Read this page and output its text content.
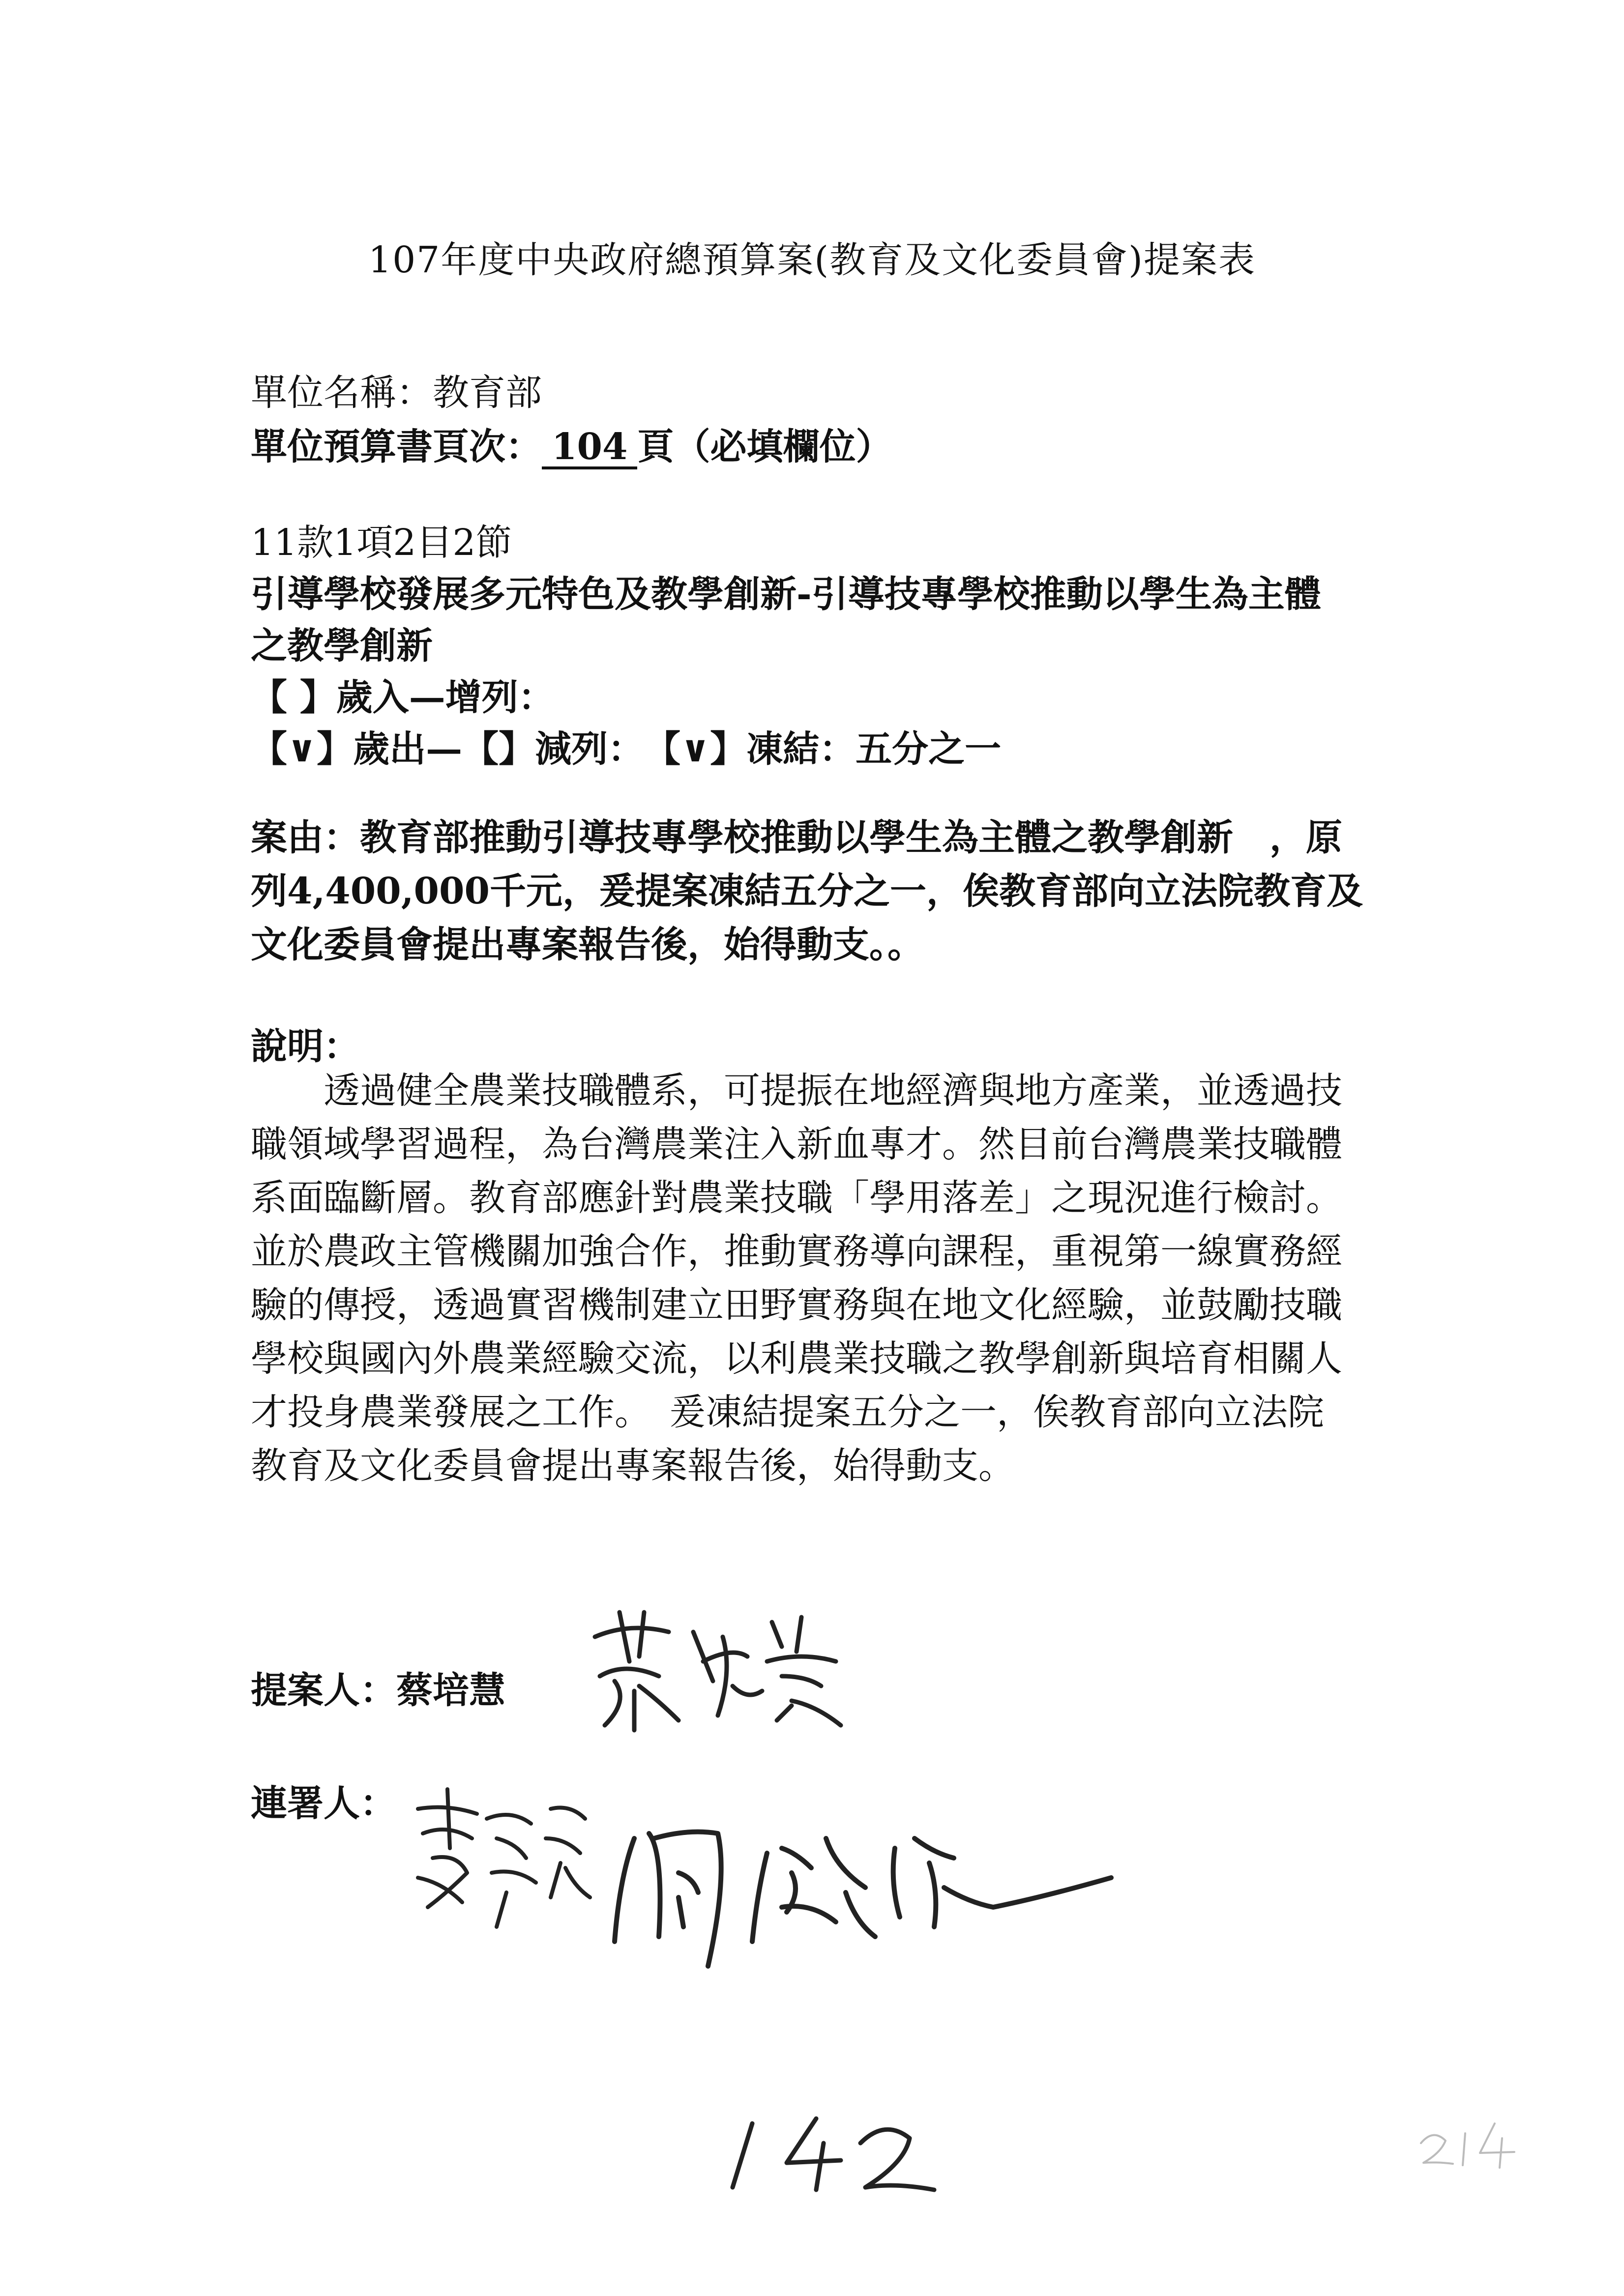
107年度中央政府總預算案(教育及文化委員會)提案表
單位名稱：教育部
單位預算書頁次： 104 頁（必填欄位）
11款1項2目2節
引導學校發展多元特色及教學創新-引導技專學校推動以學生為主體
之教學創新
【 】歲入—增列：
【∨】歲出—【】減列：　【∨】凍結：五分之一

案由：教育部推動引導技專學校推動以學生為主體之教學創新　，原

列4,400,000千元，爰提案凍結五分之一，俟教育部向立法院教育及

文化委員會提出專案報告後，始得動支。。

說明：

透過健全農業技職體系，可提振在地經濟與地方產業，並透過技

職領域學習過程，為台灣農業注入新血專才。然目前台灣農業技職體

系面臨斷層。教育部應針對農業技職「學用落差」之現況進行檢討。

並於農政主管機關加強合作，推動實務導向課程，重視第一線實務經

驗的傳授，透過實習機制建立田野實務與在地文化經驗，並鼓勵技職

學校與國內外農業經驗交流，以利農業技職之教學創新與培育相關人

才投身農業發展之工作。　爰凍結提案五分之一，俟教育部向立法院

教育及文化委員會提出專案報告後，始得動支。

提案人：蔡培慧
連署人：
